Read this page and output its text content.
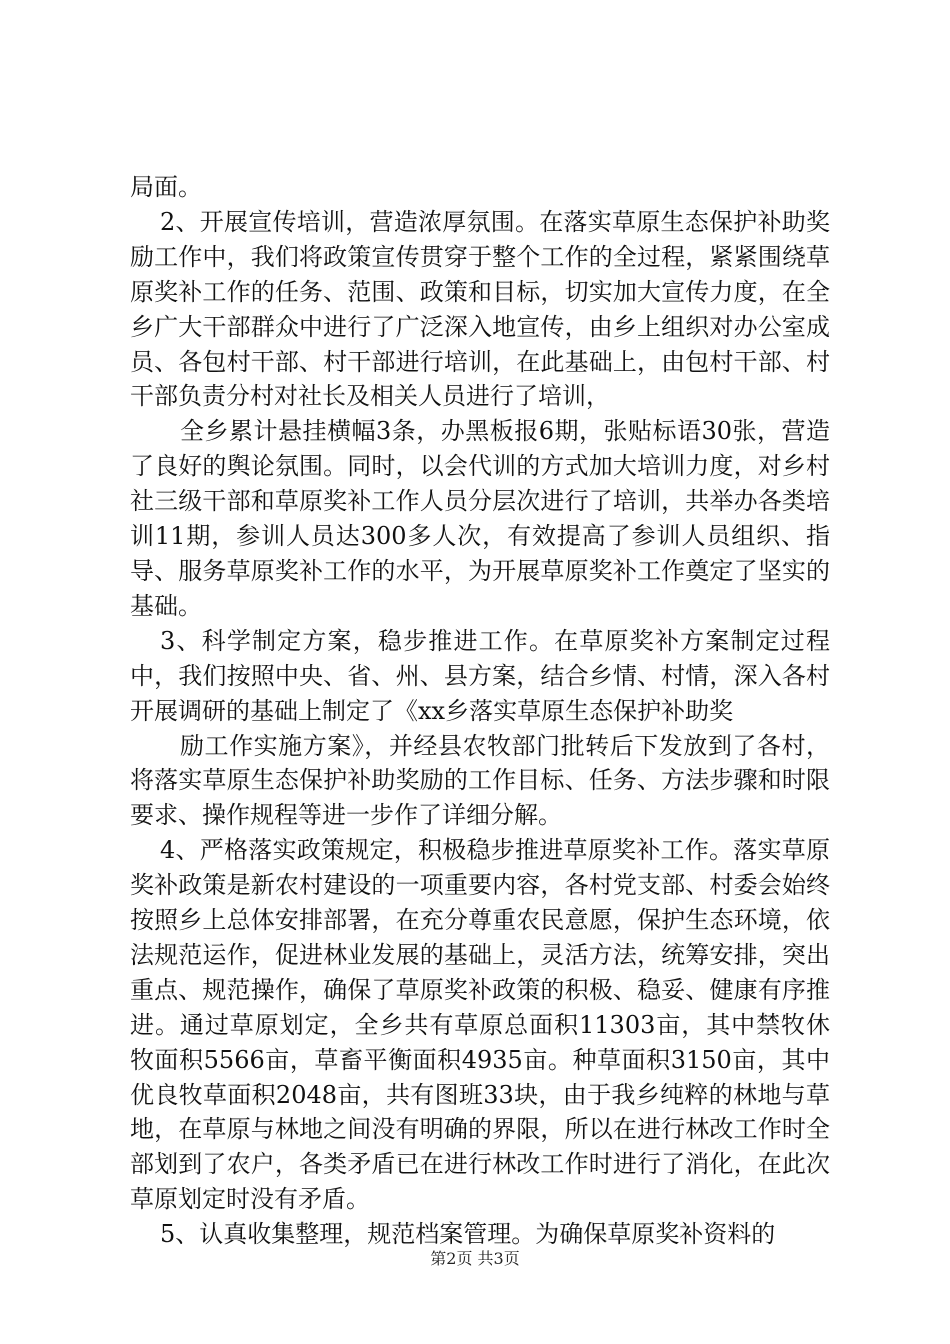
局面。

2、开展宣传培训，营造浓厚氛围。在落实草原生态保护补助奖励工作中，我们将政策宣传贯穿于整个工作的全过程，紧紧围绕草原奖补工作的任务、范围、政策和目标，切实加大宣传力度，在全乡广大干部群众中进行了广泛深入地宣传，由乡上组织对办公室成员、各包村干部、村干部进行培训，在此基础上，由包村干部、村干部负责分村对社长及相关人员进行了培训，

全乡累计悬挂横幅3条，办黑板报6期，张贴标语30张，营造了良好的舆论氛围。同时，以会代训的方式加大培训力度，对乡村社三级干部和草原奖补工作人员分层次进行了培训，共举办各类培训11期，参训人员达300多人次，有效提高了参训人员组织、指导、服务草原奖补工作的水平，为开展草原奖补工作奠定了坚实的基础。

3、科学制定方案，稳步推进工作。在草原奖补方案制定过程中，我们按照中央、省、州、县方案，结合乡情、村情，深入各村开展调研的基础上制定了《xx乡落实草原生态保护补助奖

励工作实施方案》，并经县农牧部门批转后下发放到了各村，将落实草原生态保护补助奖励的工作目标、任务、方法步骤和时限要求、操作规程等进一步作了详细分解。

4、严格落实政策规定，积极稳步推进草原奖补工作。落实草原奖补政策是新农村建设的一项重要内容，各村党支部、村委会始终按照乡上总体安排部署，在充分尊重农民意愿，保护生态环境，依法规范运作，促进林业发展的基础上，灵活方法，统筹安排，突出重点、规范操作，确保了草原奖补政策的积极、稳妥、健康有序推进。通过草原划定，全乡共有草原总面积11303亩，其中禁牧休牧面积5566亩，草畜平衡面积4935亩。种草面积3150亩，其中优良牧草面积2048亩，共有图班33块，由于我乡纯粹的林地与草地，在草原与林地之间没有明确的界限，所以在进行林改工作时全部划到了农户，各类矛盾已在进行林改工作时进行了消化，在此次草原划定时没有矛盾。

5、认真收集整理，规范档案管理。为确保草原奖补资料的

第2页 共3页
